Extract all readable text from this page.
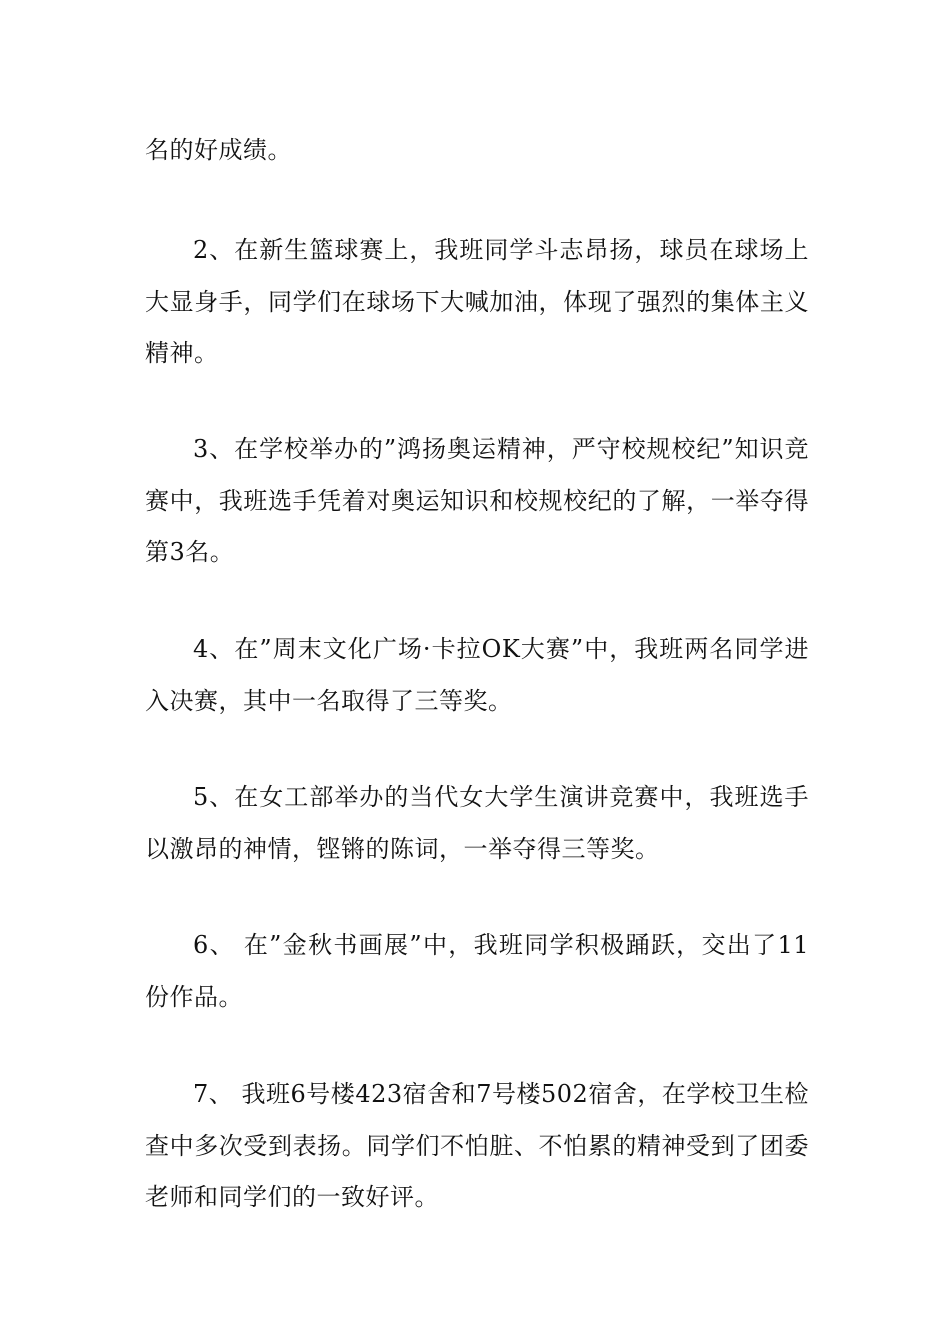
名的好成绩。

2、在新生篮球赛上，我班同学斗志昂扬，球员在球场上大显身手，同学们在球场下大喊加油，体现了强烈的集体主义精神。

3、在学校举办的”鸿扬奥运精神，严守校规校纪”知识竞赛中，我班选手凭着对奥运知识和校规校纪的了解，一举夺得第3名。

4、在”周末文化广场·卡拉OK大赛”中，我班两名同学进入决赛，其中一名取得了三等奖。

5、在女工部举办的当代女大学生演讲竞赛中，我班选手以激昂的神情，铿锵的陈词，一举夺得三等奖。

6、 在”金秋书画展”中，我班同学积极踊跃，交出了11份作品。

7、 我班6号楼423宿舍和7号楼502宿舍，在学校卫生检查中多次受到表扬。同学们不怕脏、不怕累的精神受到了团委老师和同学们的一致好评。
